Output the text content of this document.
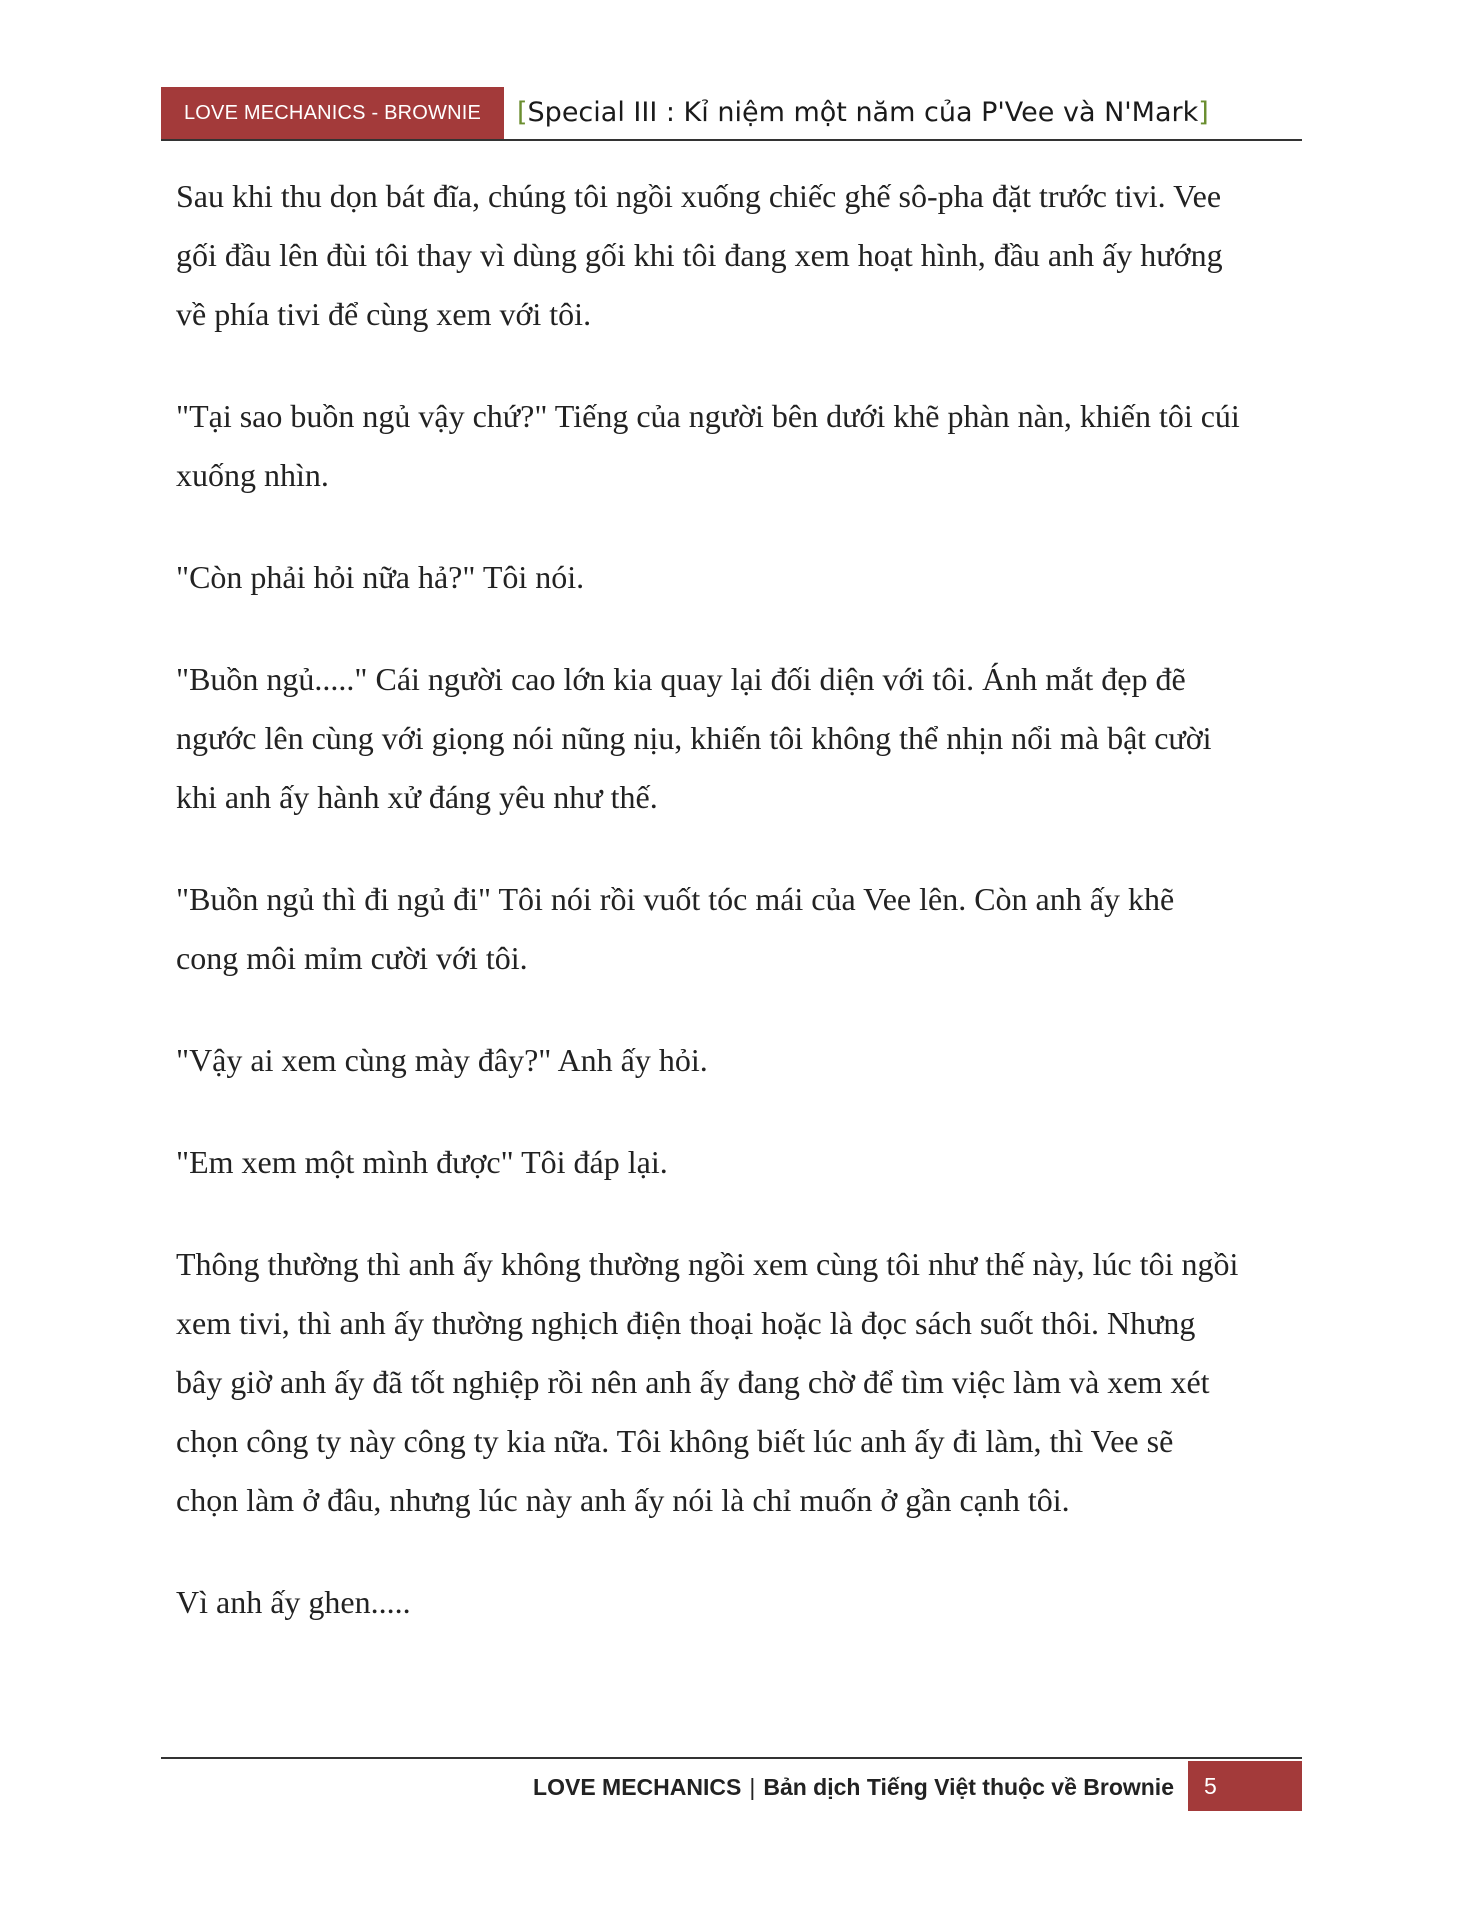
LOVE MECHANICS - BROWNIE	[Special III : Kỉ niệm một năm của P'Vee và N'Mark]

Sau khi thu dọn bát đĩa, chúng tôi ngồi xuống chiếc ghế sô-pha đặt trước tivi. Vee
gối đầu lên đùi tôi thay vì dùng gối khi tôi đang xem hoạt hình, đầu anh ấy hướng
về phía tivi để cùng xem với tôi.

"Tại sao buồn ngủ vậy chứ?" Tiếng của người bên dưới khẽ phàn nàn, khiến tôi cúi
xuống nhìn.

"Còn phải hỏi nữa hả?" Tôi nói.

"Buồn ngủ....." Cái người cao lớn kia quay lại đối diện với tôi. Ánh mắt đẹp đẽ
ngước lên cùng với giọng nói nũng nịu, khiến tôi không thể nhịn nổi mà bật cười
khi anh ấy hành xử đáng yêu như thế.

"Buồn ngủ thì đi ngủ đi" Tôi nói rồi vuốt tóc mái của Vee lên. Còn anh ấy khẽ
cong môi mỉm cười với tôi.

"Vậy ai xem cùng mày đây?" Anh ấy hỏi.

"Em xem một mình được" Tôi đáp lại.

Thông thường thì anh ấy không thường ngồi xem cùng tôi như thế này, lúc tôi ngồi
xem tivi, thì anh ấy thường nghịch điện thoại hoặc là đọc sách suốt thôi. Nhưng
bây giờ anh ấy đã tốt nghiệp rồi nên anh ấy đang chờ để tìm việc làm và xem xét
chọn công ty này công ty kia nữa. Tôi không biết lúc anh ấy đi làm, thì Vee sẽ
chọn làm ở đâu, nhưng lúc này anh ấy nói là chỉ muốn ở gần cạnh tôi.

Vì anh ấy ghen.....

LOVE MECHANICS | Bản dịch Tiếng Việt thuộc về Brownie	5
